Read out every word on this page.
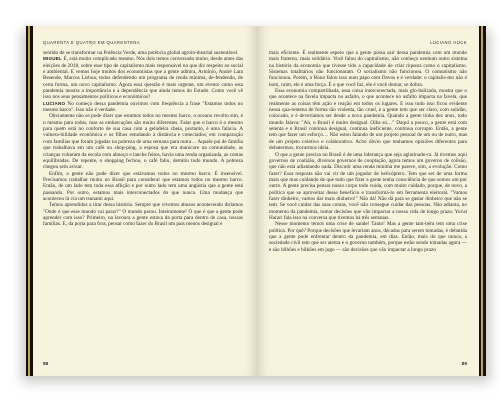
QUARENTA E QUATRO EM QUARENTENA

sentido de se transformar na Potência Verde, uma potência global agroin-dustrial sustentável.

MIGUEL É, está muito complicado mesmo. Nós dois temos conversado muito, desde antes das eleições de 2018, sobre esse tipo de capitalismo mais responsável no que diz respeito ao social e ambiental. E vemos hoje muitos dos economistas que a gente admira, Armínio, André Lara Resende, Marcos Lisboa, todos defendendo um programa de renda mínima, de-fendendo, de certa forma, um novo capitalismo. Agora essa questão é mais urgente, um evento como esta pandemia mostra a importância e a dependência que ainda temos do Estado. Como você vê isso nos seus pensamentos políticos e econômicos?

LUCIANO No começo dessa pandemia ouvimos com frequência a frase "Estamos todos no mesmo barco". Isso não é verdade.

Obviamente não se pode dizer que estamos todos no mesmo barco, o oceano revolto sim, é o mesmo para todos, mas as embarcações são muito diferentes. Falar que o barco é o mesmo para quem está no conforto de sua casa com a geladeira cheia, portanto, é uma falácia. A vulnera-bilidade econômica e os filhos estudando à distância e conectados, em comparação com famílias que foram jogadas na pobreza de uma semana para outra… Aquele pai de família que trabalhava em um café ou shop-ping, a esposa que era manicure na comunidade, as crianças voltaram da escola com almoço e lanche feitos, havia uma renda organizada, as contas equilibradas. De repente, o shopping fechou, o café faliu, demitiu todo mundo. A pobreza chegou sem avisar.

Enfim, a gente não pode dizer que estávamos todos no mesmo barco. É insensível. Precisamos trabalhar muito no Brasil para considerar que estamos todos no mesmo barco. Então, de um lado tem toda essa aflição e por outro lado tem uma angústia que a gente está passando. Por outro, estamos mais interconectados do que nunca. Uma mudança que aconteceu lá via um tsunami aqui.

Temos aprendidos a tirar dessa história. Sempre que vivemos abusos acontecendo diríamos "Onde é que esse mundo vai parar?" O mundo parou. Inteiramente! O que é que a gente pode aprender com isso? Primeiro, na lavoura a gente estava da porta para dentro de casa, nossas famílias. E, da porta para fora, pensar como fazer do Brasil um país menos desigual e

88
LUCIANO HUCK

mais eficiente. É realmente espero que a gente possa sair dessa pandemia com um mundo mais fraterno, mais solidário. Você falou do capitalismo, não conheço nenhum outro sistema na história da economia que tivesse tido a capacidade de criar riqueza como o capitalismo. Sistemas totalitários não funcionaram. O socialismo não funcionou. O comunismo não funcionou. Porém, o Bono falou isso num papo com Davos e é verdade: o capitalis-mo não é bom, ruim, ele é uma força. É o que você faz, ele é você domar, se dobra.

Essa economia compartilhada, essa coisa interconectada, mais glo-balizada, mostra que o que acontece na favela impacta no asfalto, o que acontece no asfalto impacta na favela, que realmente as coisas têm ação e reação em todos os lugares. E isso tudo isso ficou evidente nessa qua-rentena de forma tão violenta, tão cruel, e a gente tem que ser claro, com solidão, colocado, e é deveríamos ser desde a nova pandemia. Quando a gente tinha dez anos, todo mundo falava: "Ah, o Brasil é muito desigual. Olha só…" Daquí a pouco, a gente está com setenta e o Brasil continua desigual, continua ineficiente, continua corrupto. Então, a gente tem que fazer um esforço… Não estou falando de um projeto pessoal de um ou de outro, mas de um projeto coletivo e colaborativo. Acho óbvio que tenhamos opiniões diferentes para debatermos, trocarmos ideia.

O que a gente precisa no Brasil é de uma liderança que seja aglutinado-ra. Já tivemos aqui governos de coalizão, diversos governos de cooptação, agora temos um governo de colisão, que não está adiantando nada. Discutir uma renda mínima me parece, sim, a evolução. Como fazer? Essa resposta não vai vir de um jogador de helicóptero. Tem que ser de uma forma mais que mas cuidando de que tudo que fizer a gente tenha consciência de que somos um por outro. A gente precisa pensar nosso corpo todo cuida, com muito cuidado, porque, de novo, a política que se aproveitar desse benefício e transformá-lo em ferramenta eleitoral. "Vamos fazer dinheiro, vamos dar mais dinheiro!" Não dá! Não dá para se gastar dinheiro que não se tem. Se você cuidar das suas contas, você não consegue cuidar das pessoas. Não adianta, no momento da pandemia, tomar decisões que vão impactar a nossa vida de longo prazo. Yuval Harari fala isso na conversa que tivemos há três semanas.

Nesse momento temos uma crise de saúde! Tanto! Mas a gente tam-bém tem uma crise política. Por quê? Porque decisões que levariam anos, décadas para serem tomadas, é debatida que a gente pode enfrentar dentro da pandemia, em dias. Então, mais do que nunca, a sociedade civil tem que ser atenta e o governo também, porque estão sendo tomadas agora — e são bilhões e bilhões em jogo — são decisões que vão impactar a longo prazo

89
